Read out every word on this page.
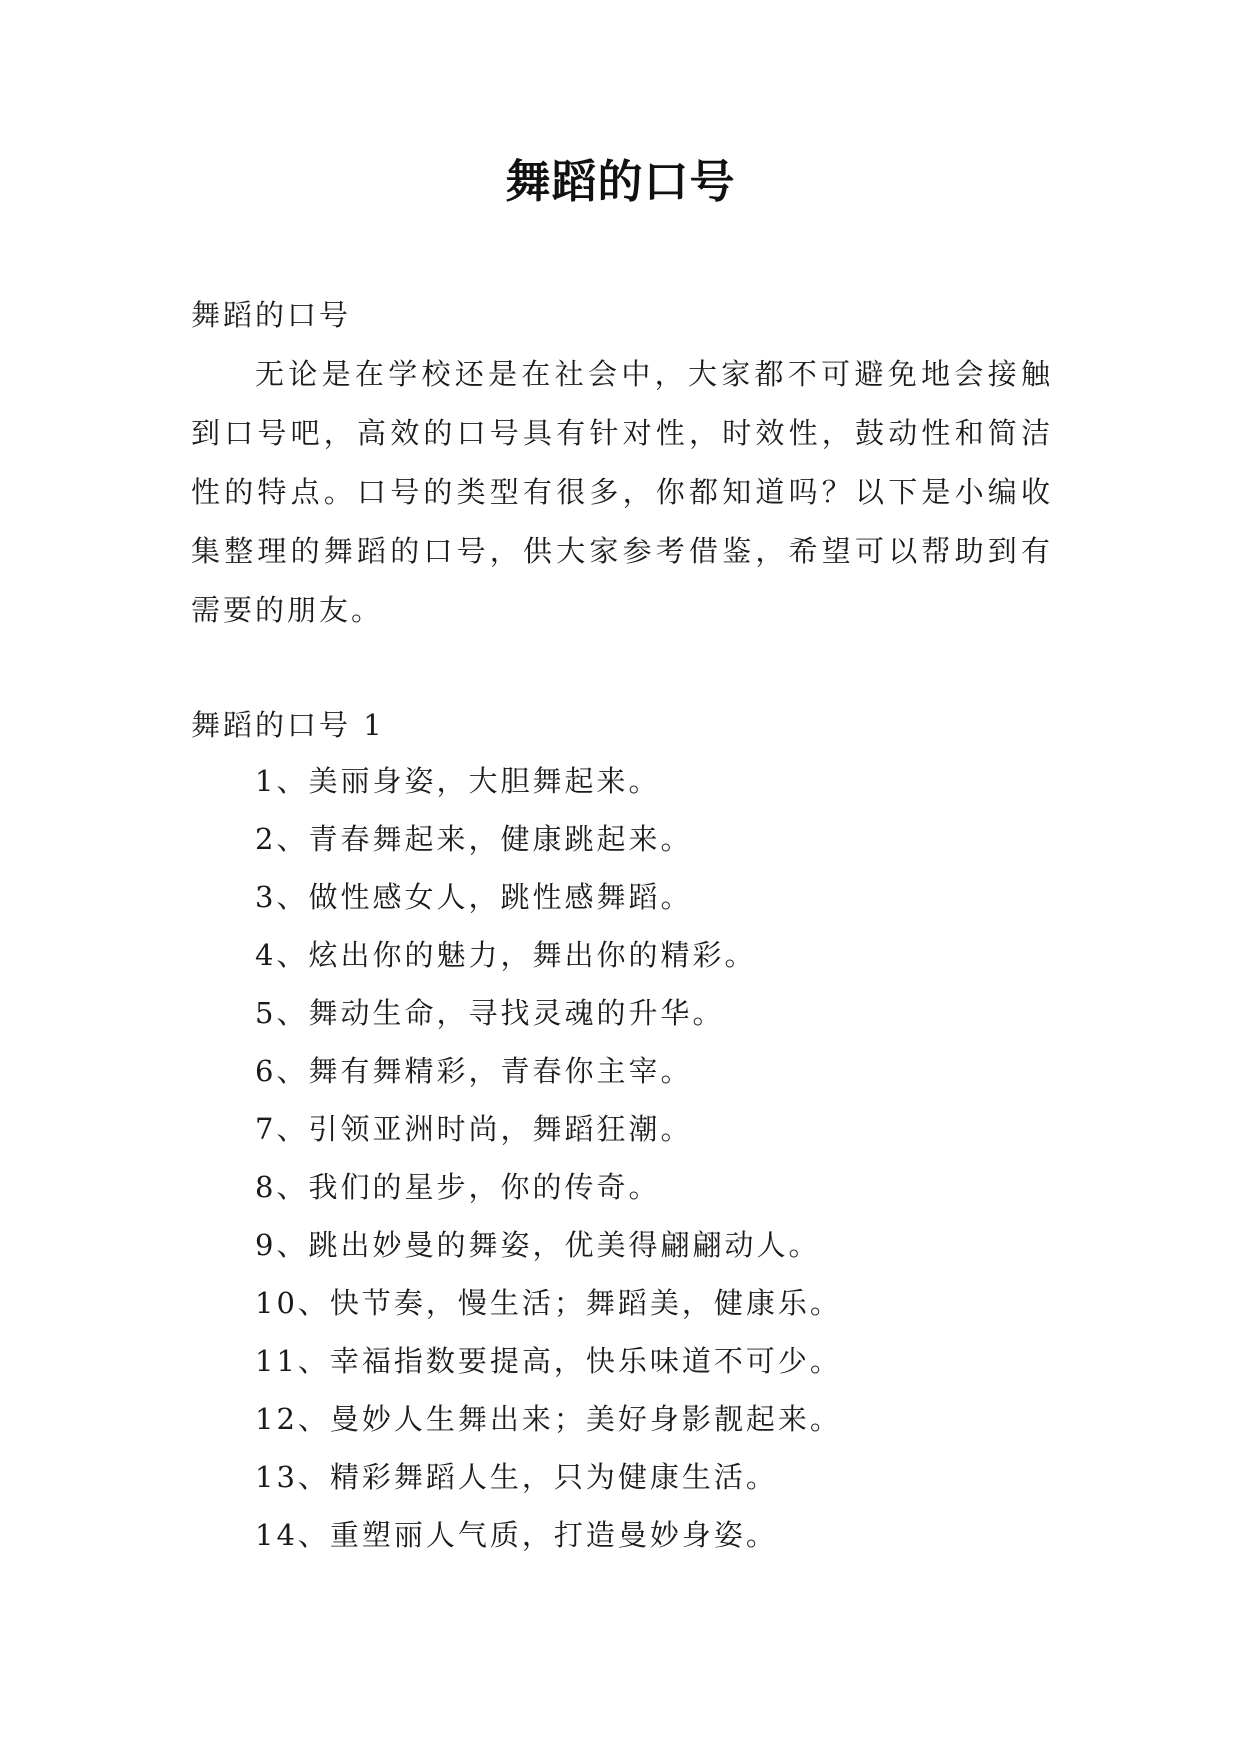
舞蹈的口号
舞蹈的口号

无论是在学校还是在社会中，大家都不可避免地会接触到口号吧，高效的口号具有针对性，时效性，鼓动性和简洁性的特点。口号的类型有很多，你都知道吗？以下是小编收集整理的舞蹈的口号，供大家参考借鉴，希望可以帮助到有需要的朋友。

舞蹈的口号 1
1、美丽身姿，大胆舞起来。
2、青春舞起来，健康跳起来。
3、做性感女人，跳性感舞蹈。
4、炫出你的魅力，舞出你的精彩。
5、舞动生命，寻找灵魂的升华。
6、舞有舞精彩，青春你主宰。
7、引领亚洲时尚，舞蹈狂潮。
8、我们的星步，你的传奇。
9、跳出妙曼的舞姿，优美得翩翩动人。
10、快节奏，慢生活；舞蹈美，健康乐。
11、幸福指数要提高，快乐味道不可少。
12、曼妙人生舞出来；美好身影靓起来。
13、精彩舞蹈人生，只为健康生活。
14、重塑丽人气质，打造曼妙身姿。
